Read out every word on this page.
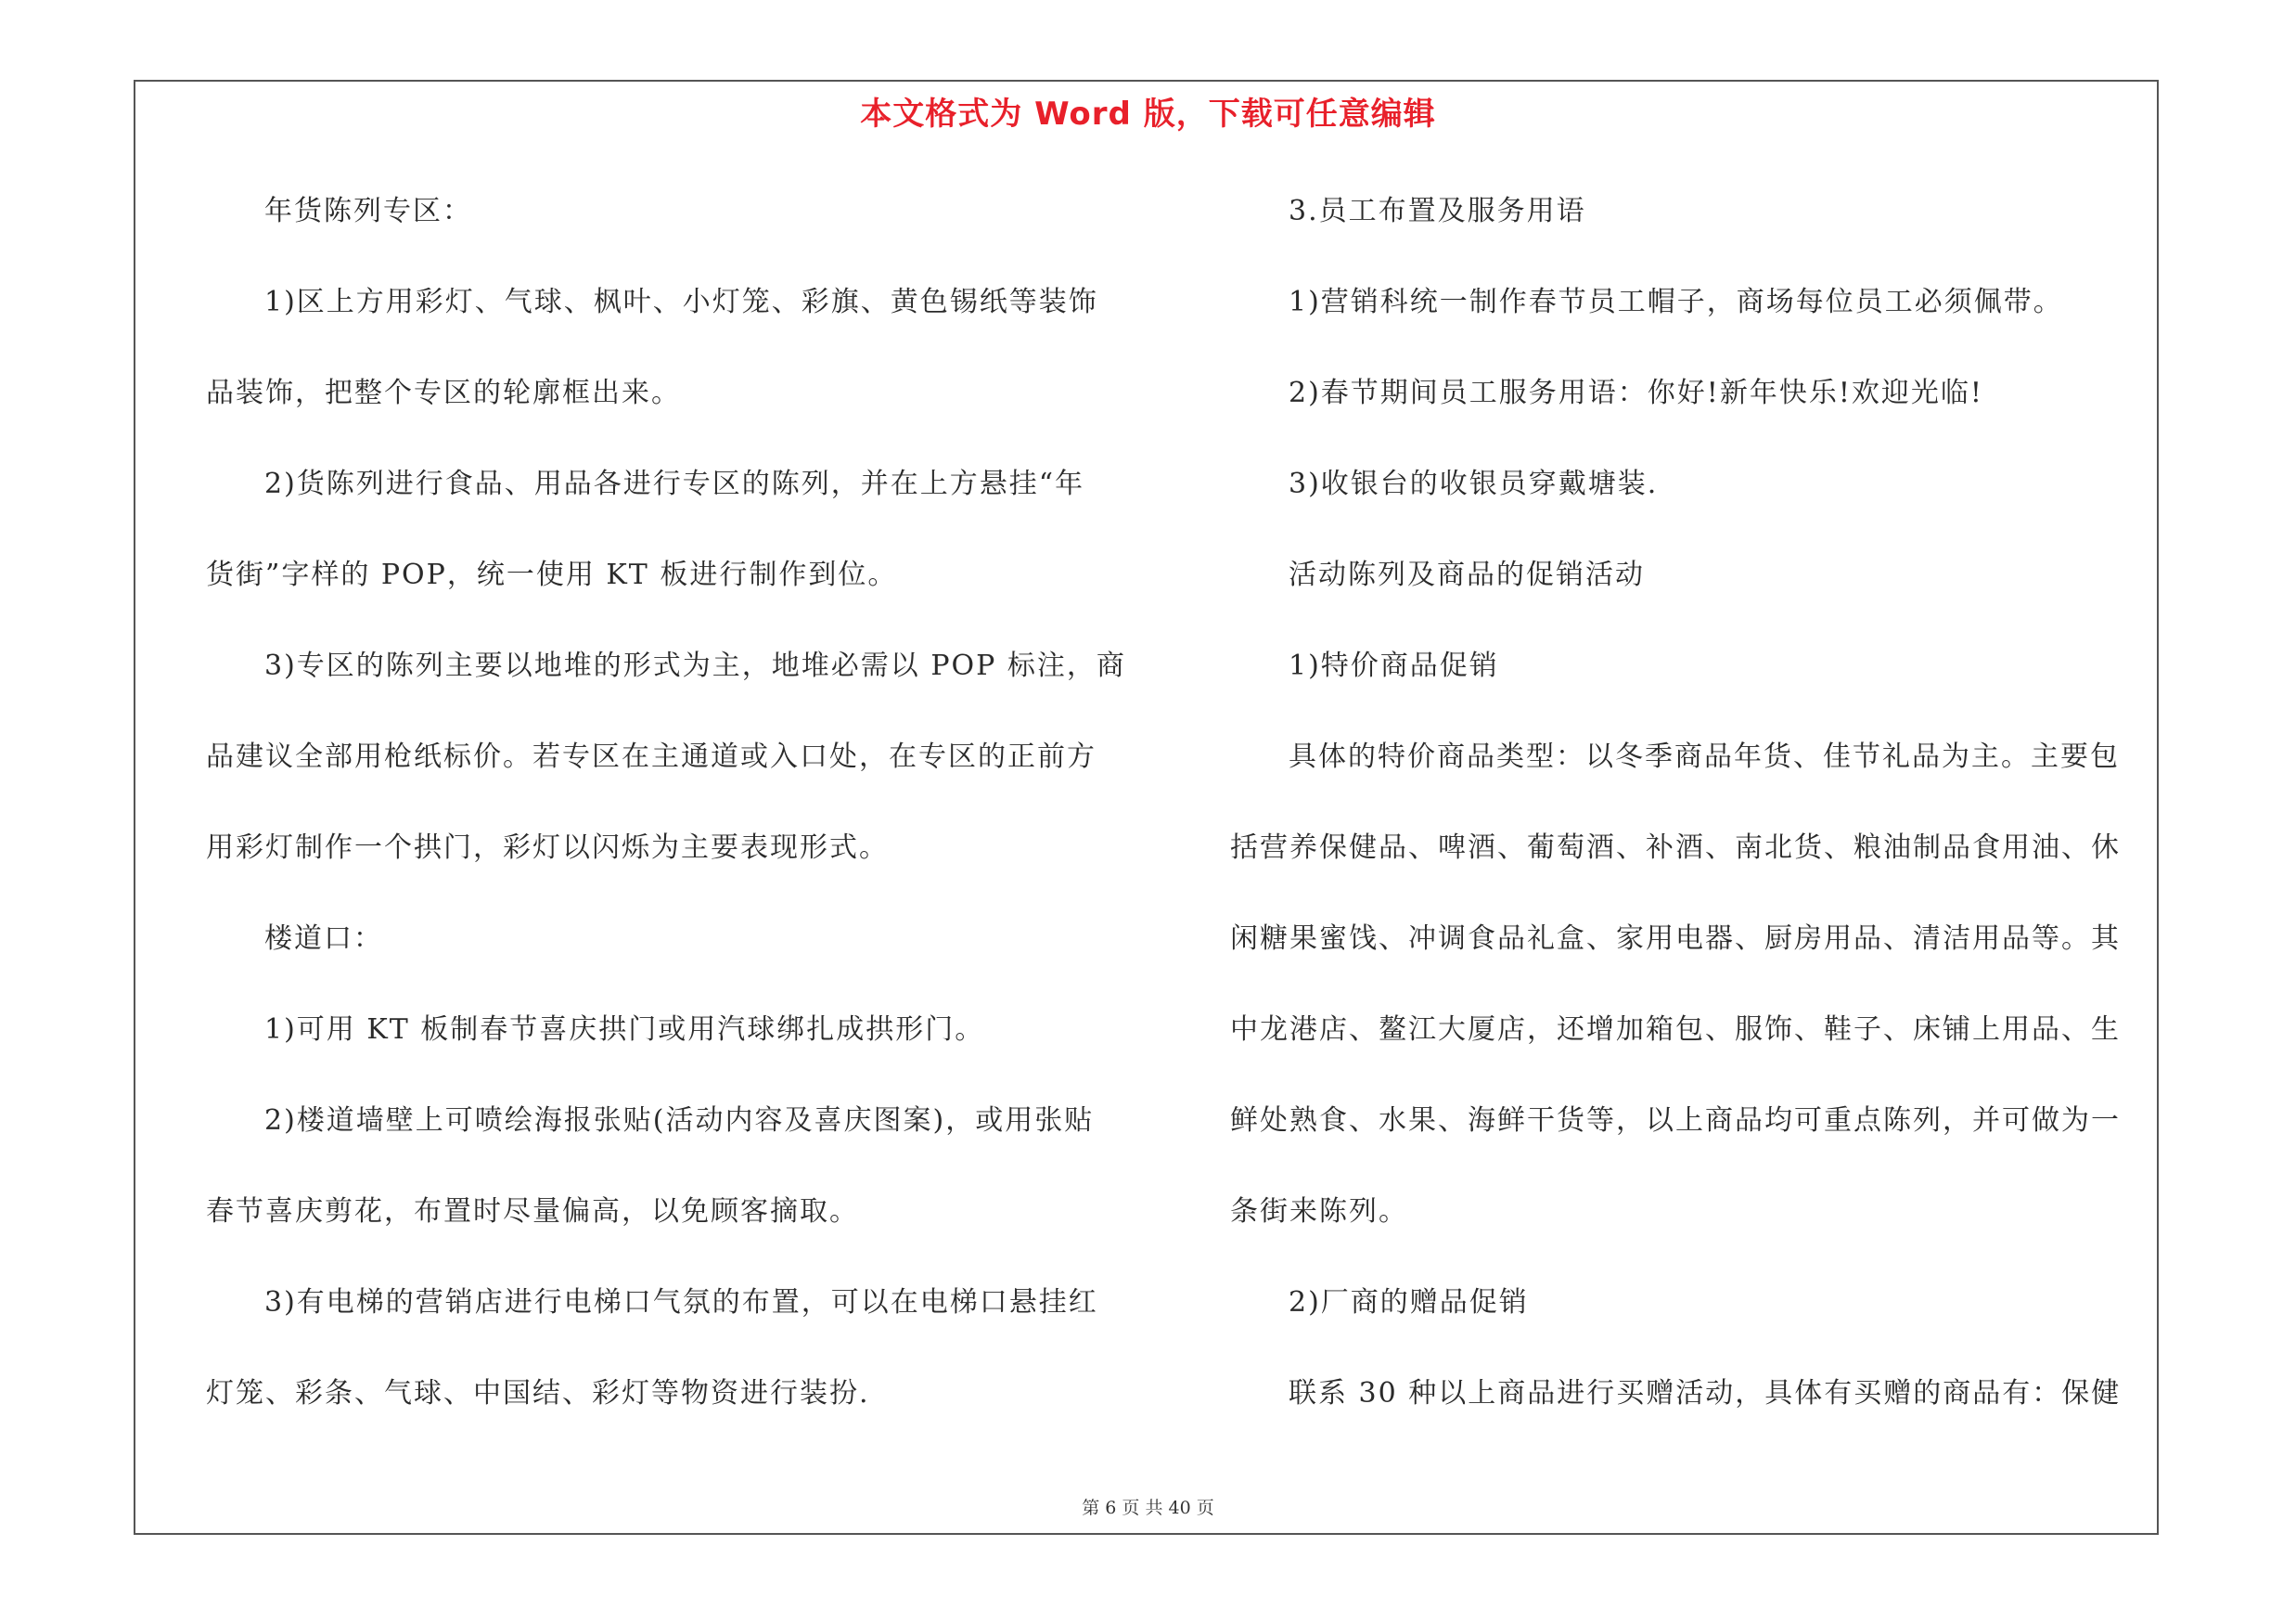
本文格式为 Word 版，下载可任意编辑
年货陈列专区：
1)区上方用彩灯、气球、枫叶、小灯笼、彩旗、黄色锡纸等装饰
品装饰，把整个专区的轮廓框出来。
2)货陈列进行食品、用品各进行专区的陈列，并在上方悬挂“年
货街”字样的 POP，统一使用 KT 板进行制作到位。
3)专区的陈列主要以地堆的形式为主，地堆必需以 POP 标注，商
品建议全部用枪纸标价。若专区在主通道或入口处，在专区的正前方
用彩灯制作一个拱门，彩灯以闪烁为主要表现形式。
楼道口：
1)可用 KT 板制春节喜庆拱门或用汽球绑扎成拱形门。
2)楼道墙壁上可喷绘海报张贴(活动内容及喜庆图案)，或用张贴
春节喜庆剪花，布置时尽量偏高，以免顾客摘取。
3)有电梯的营销店进行电梯口气氛的布置，可以在电梯口悬挂红
灯笼、彩条、气球、中国结、彩灯等物资进行装扮.
3.员工布置及服务用语
1)营销科统一制作春节员工帽子，商场每位员工必须佩带。
2)春节期间员工服务用语：你好!新年快乐!欢迎光临!
3)收银台的收银员穿戴塘装.
活动陈列及商品的促销活动
1)特价商品促销
具体的特价商品类型：以冬季商品年货、佳节礼品为主。主要包
括营养保健品、啤酒、葡萄酒、补酒、南北货、粮油制品食用油、休
闲糖果蜜饯、冲调食品礼盒、家用电器、厨房用品、清洁用品等。其
中龙港店、鳌江大厦店，还增加箱包、服饰、鞋子、床铺上用品、生
鲜处熟食、水果、海鲜干货等，以上商品均可重点陈列，并可做为一
条街来陈列。
2)厂商的赠品促销
联系 30 种以上商品进行买赠活动，具体有买赠的商品有：保健
第 6 页 共 40 页
